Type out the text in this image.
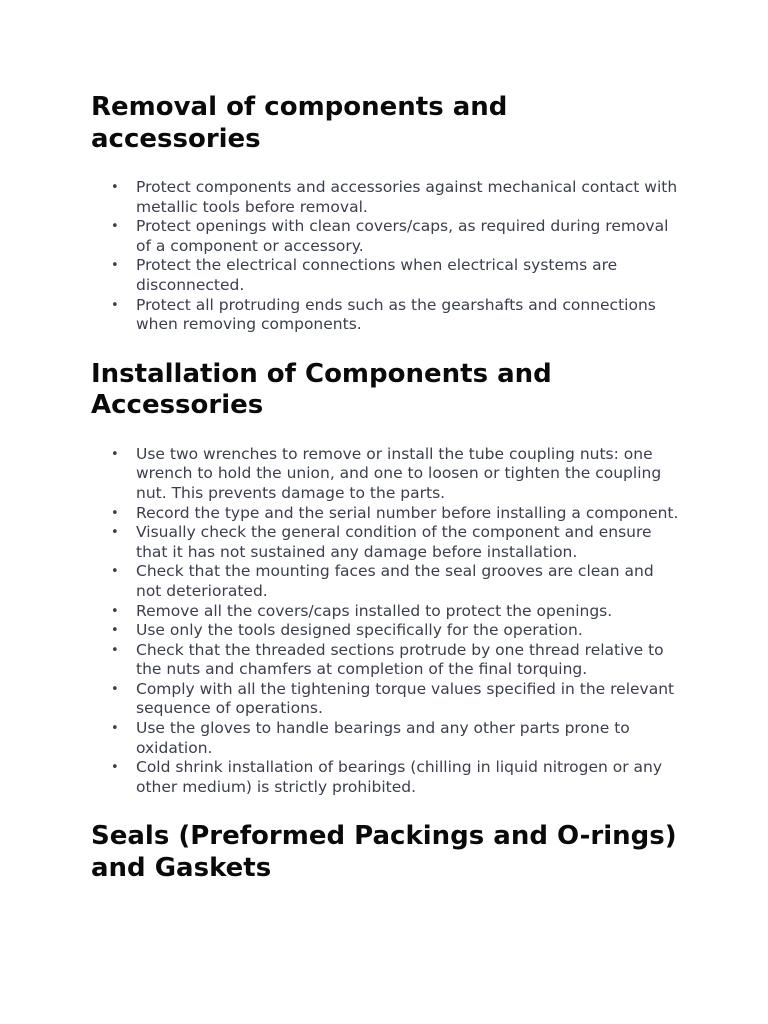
Removal of components and accessories
• Protect components and accessories against mechanical contact with metallic tools before removal.
• Protect openings with clean covers/caps, as required during removal of a component or accessory.
• Protect the electrical connections when electrical systems are disconnected.
• Protect all protruding ends such as the gearshafts and connections when removing components.
Installation of Components and Accessories
• Use two wrenches to remove or install the tube coupling nuts: one wrench to hold the union, and one to loosen or tighten the coupling nut. This prevents damage to the parts.
• Record the type and the serial number before installing a component.
• Visually check the general condition of the component and ensure that it has not sustained any damage before installation.
• Check that the mounting faces and the seal grooves are clean and not deteriorated.
• Remove all the covers/caps installed to protect the openings.
• Use only the tools designed specifically for the operation.
• Check that the threaded sections protrude by one thread relative to the nuts and chamfers at completion of the final torquing.
• Comply with all the tightening torque values specified in the relevant sequence of operations.
• Use the gloves to handle bearings and any other parts prone to oxidation.
• Cold shrink installation of bearings (chilling in liquid nitrogen or any other medium) is strictly prohibited.
Seals (Preformed Packings and O-rings) and Gaskets
